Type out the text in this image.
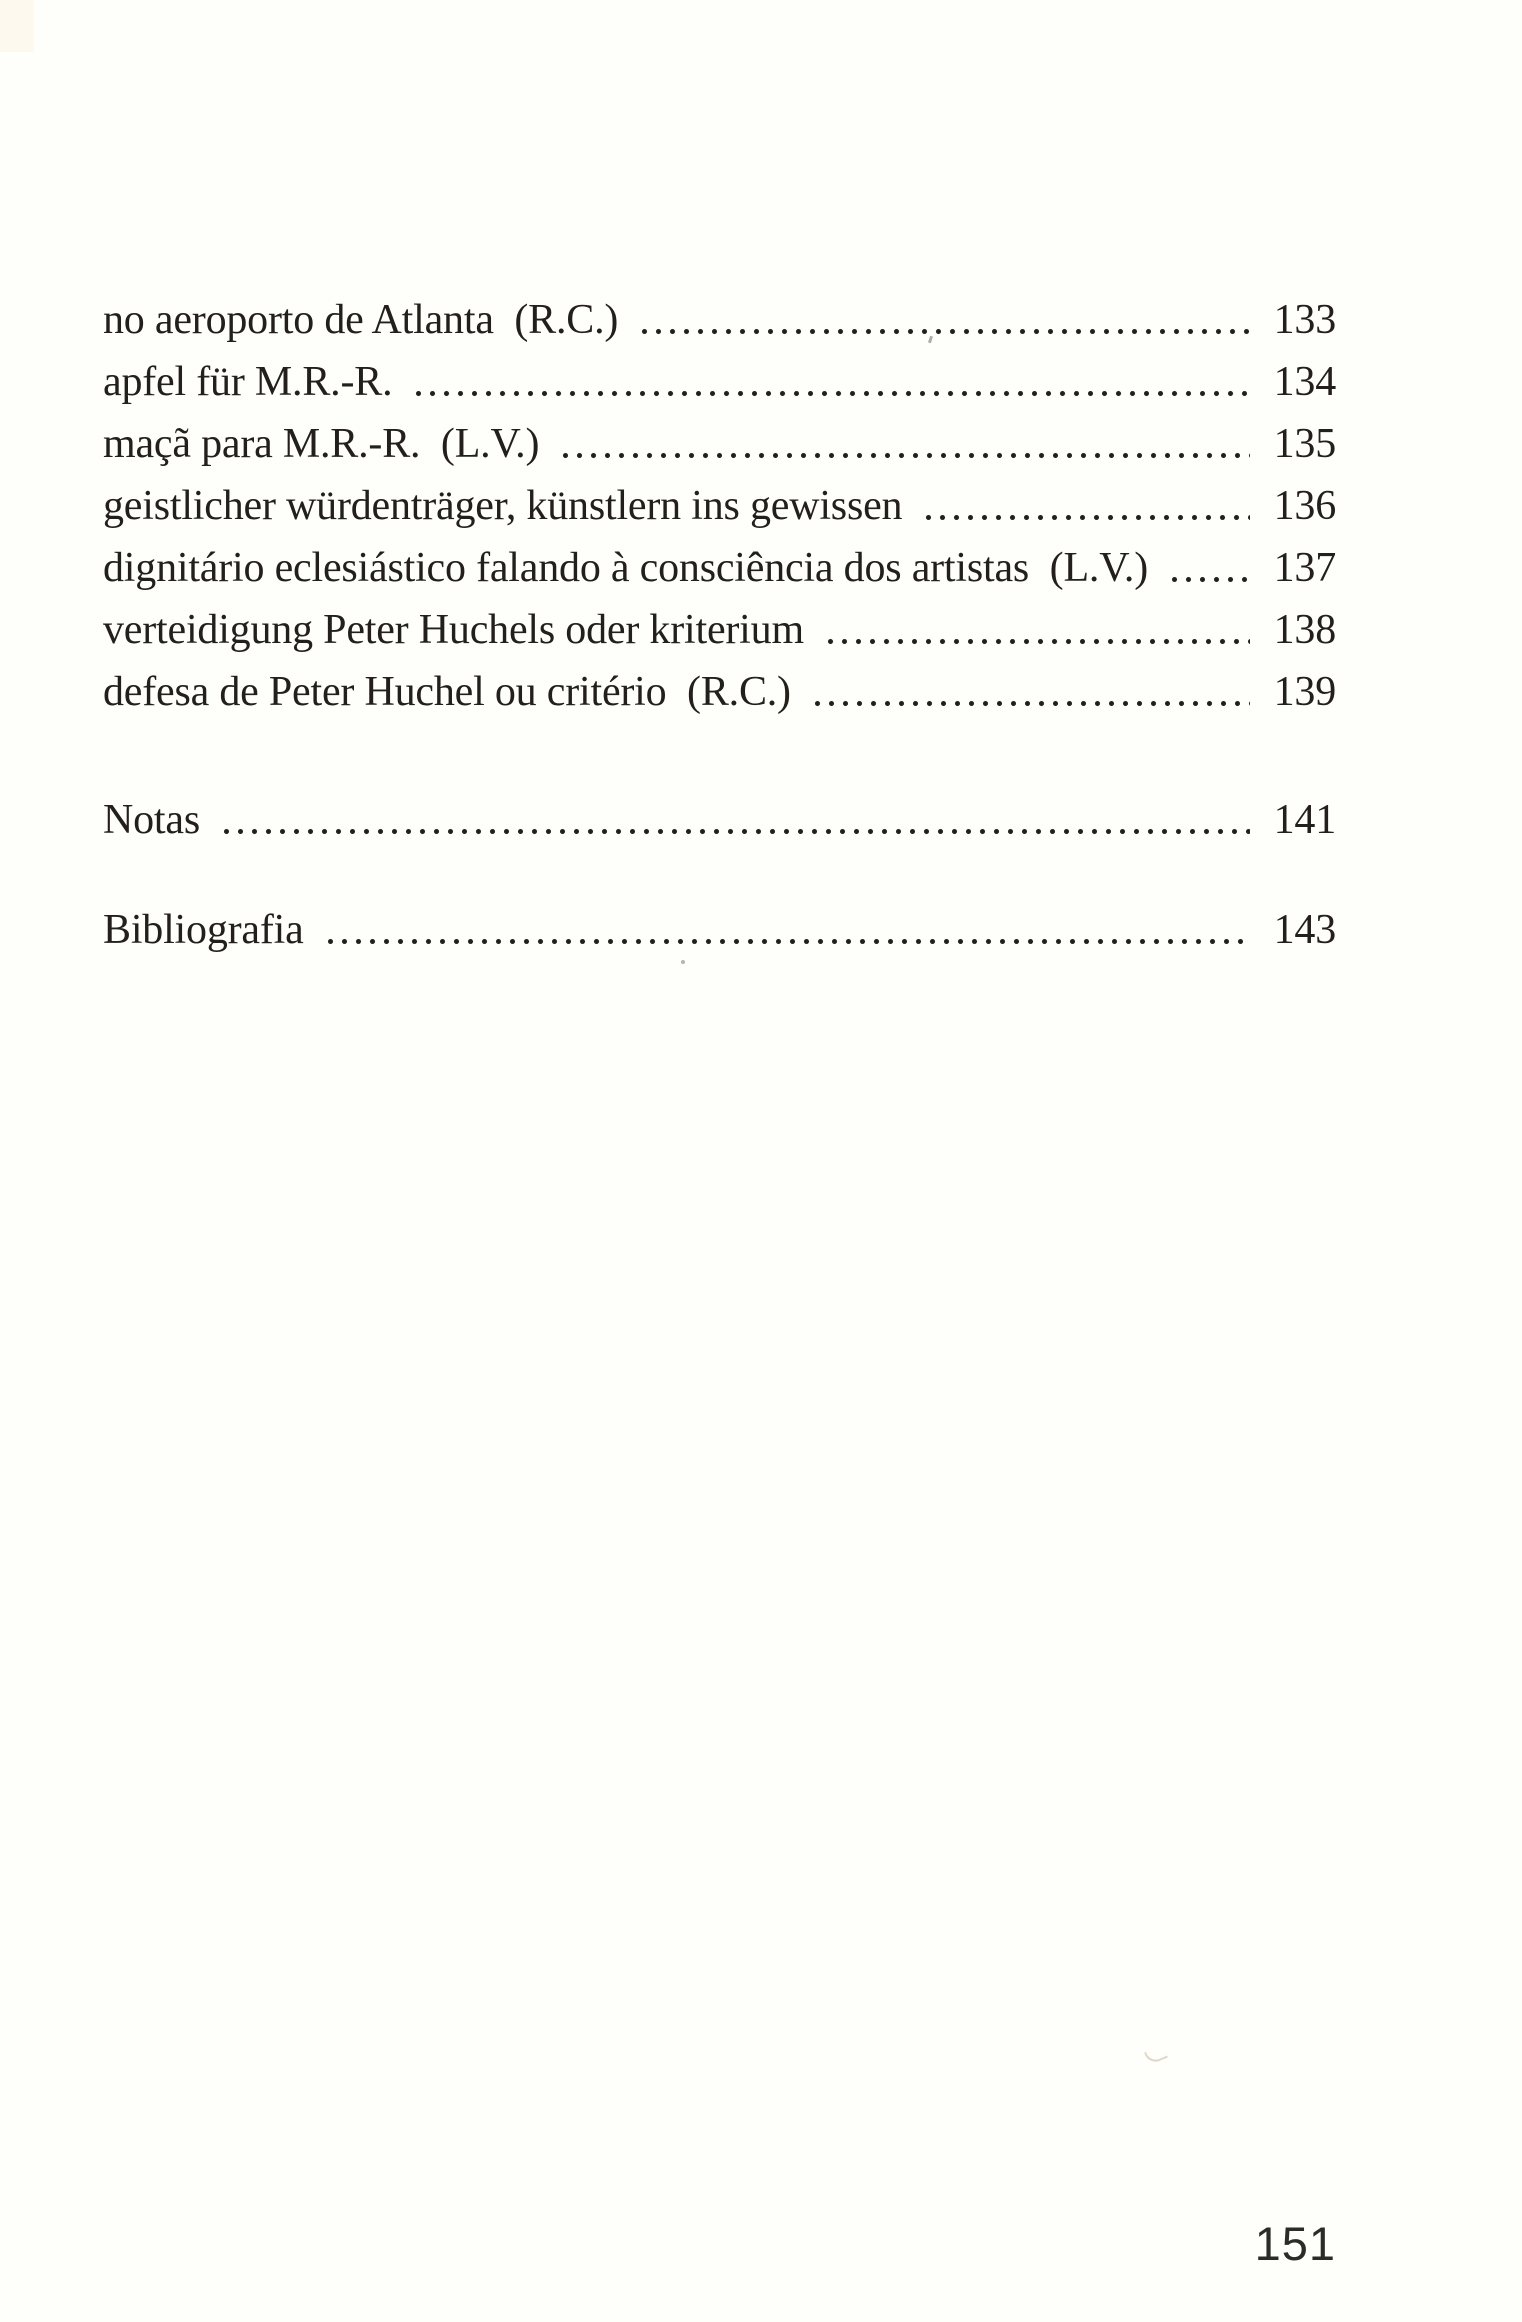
no aeroporto de Atlanta  (R.C.)	133
apfel für M.R.-R.	134
maçã para M.R.-R.  (L.V.)	135
geistlicher würdenträger, künstlern ins gewissen	136
dignitário eclesiástico falando à consciência dos artistas  (L.V.)	137
verteidigung Peter Huchels oder kriterium	138
defesa de Peter Huchel ou critério  (R.C.)	139
Notas	141
Bibliografia	143
151
